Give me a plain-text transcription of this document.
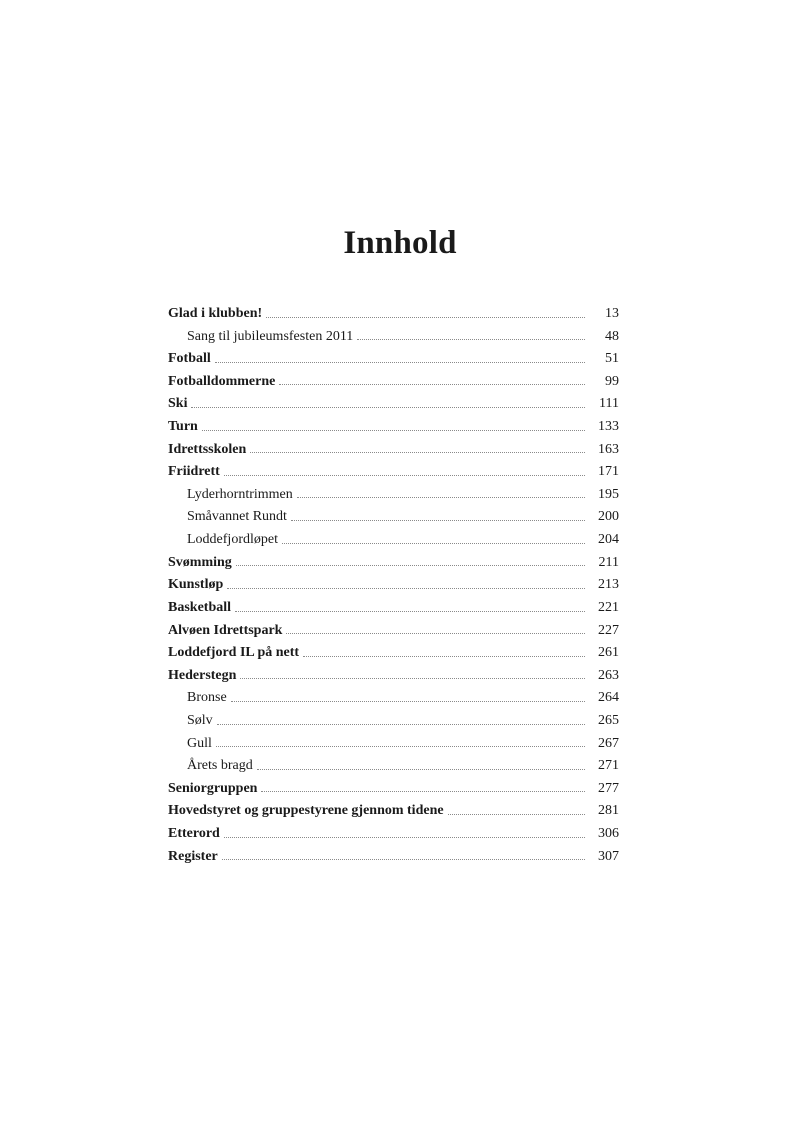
Innhold
Glad i klubben!	13
Sang til jubileumsfesten 2011	48
Fotball	51
Fotballdommerne	99
Ski	111
Turn	133
Idrettsskolen	163
Friidrett	171
Lyderhorntrimmen	195
Småvannet Rundt	200
Loddefjordløpet	204
Svømming	211
Kunstløp	213
Basketball	221
Alvøen Idrettspark	227
Loddefjord IL på nett	261
Hederstegn	263
Bronse	264
Sølv	265
Gull	267
Årets bragd	271
Seniorgruppen	277
Hovedstyret og gruppestyrene gjennom tidene	281
Etterord	306
Register	307
